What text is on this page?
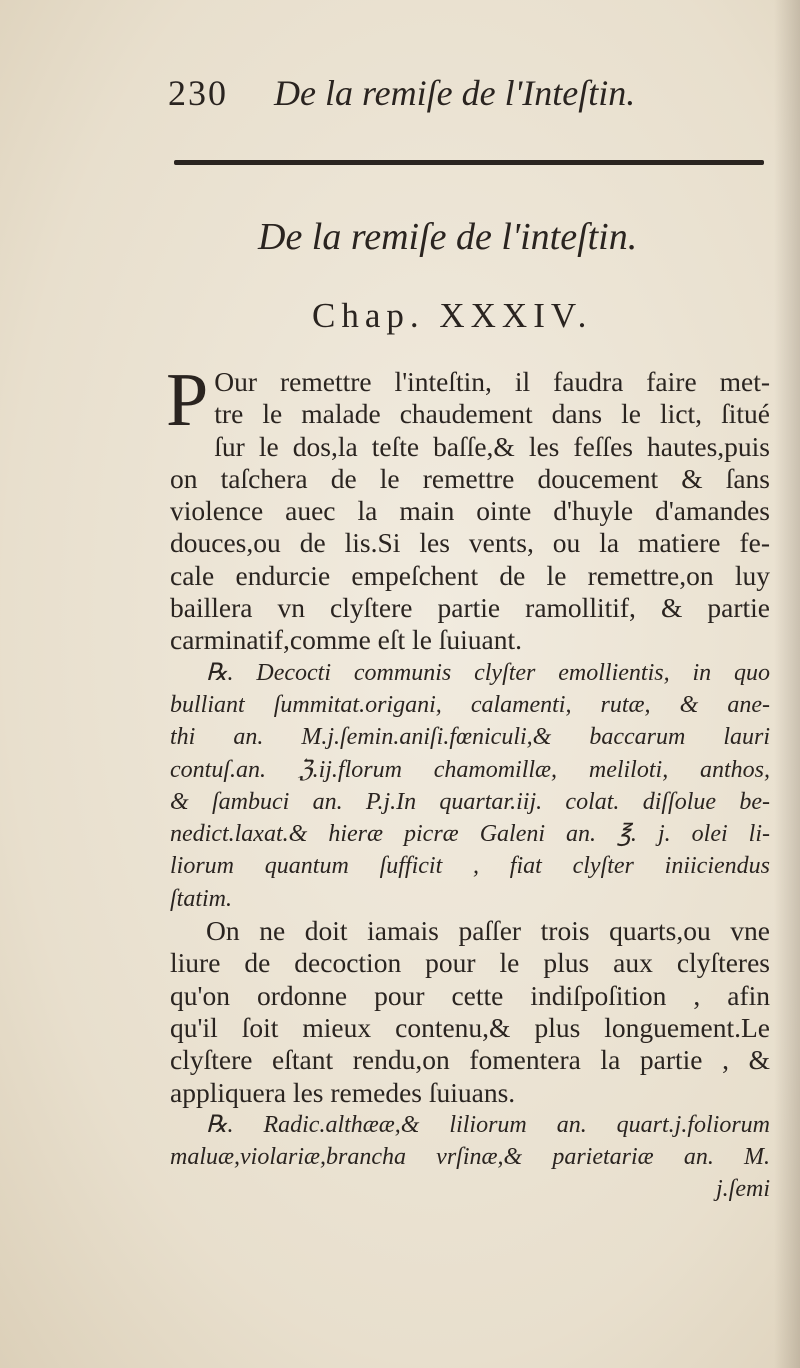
230 De la remiſe de l'Inteſtin.
De la remiſe de l'inteſtin.
Chap. XXXIV.
P Our remettre l'inteſtin, il faudra faire met-
tre le malade chaudement dans le lict, ſitué
ſur le dos,la teſte baſſe,& les feſſes hautes,puis
on taſchera de le remettre doucement & ſans
violence auec la main ointe d'huyle d'amandes
douces,ou de lis.Si les vents, ou la matiere fe-
cale endurcie empeſchent de le remettre,on luy
baillera vn clyſtere partie ramollitif, & partie
carminatif,comme eſt le ſuiuant.
℞. Decocti communis clyſter emollientis, in quo
bulliant ſummitat.origani, calamenti, rutæ, & ane-
thi an. M.j.ſemin.aniſi.fœniculi,& baccarum lauri
contuſ.an. ℨ.ij.florum chamomillæ, meliloti, anthos,
& ſambuci an. P.j.In quartar.iij. colat. diſſolue be-
nedict.laxat.& hieræ picræ Galeni an. ℥. j. olei li-
liorum quantum ſufficit , fiat clyſter iniiciendus
ſtatim.
On ne doit iamais paſſer trois quarts,ou vne
liure de decoction pour le plus aux clyſteres
qu'on ordonne pour cette indiſpoſition , afin
qu'il ſoit mieux contenu,& plus longuement.Le
clyſtere eſtant rendu,on fomentera la partie , &
appliquera les remedes ſuiuans.
℞. Radic.althææ,& liliorum an. quart.j.foliorum
maluæ,violariæ,brancha vrſinæ,& parietariæ an. M.
j.ſemi
